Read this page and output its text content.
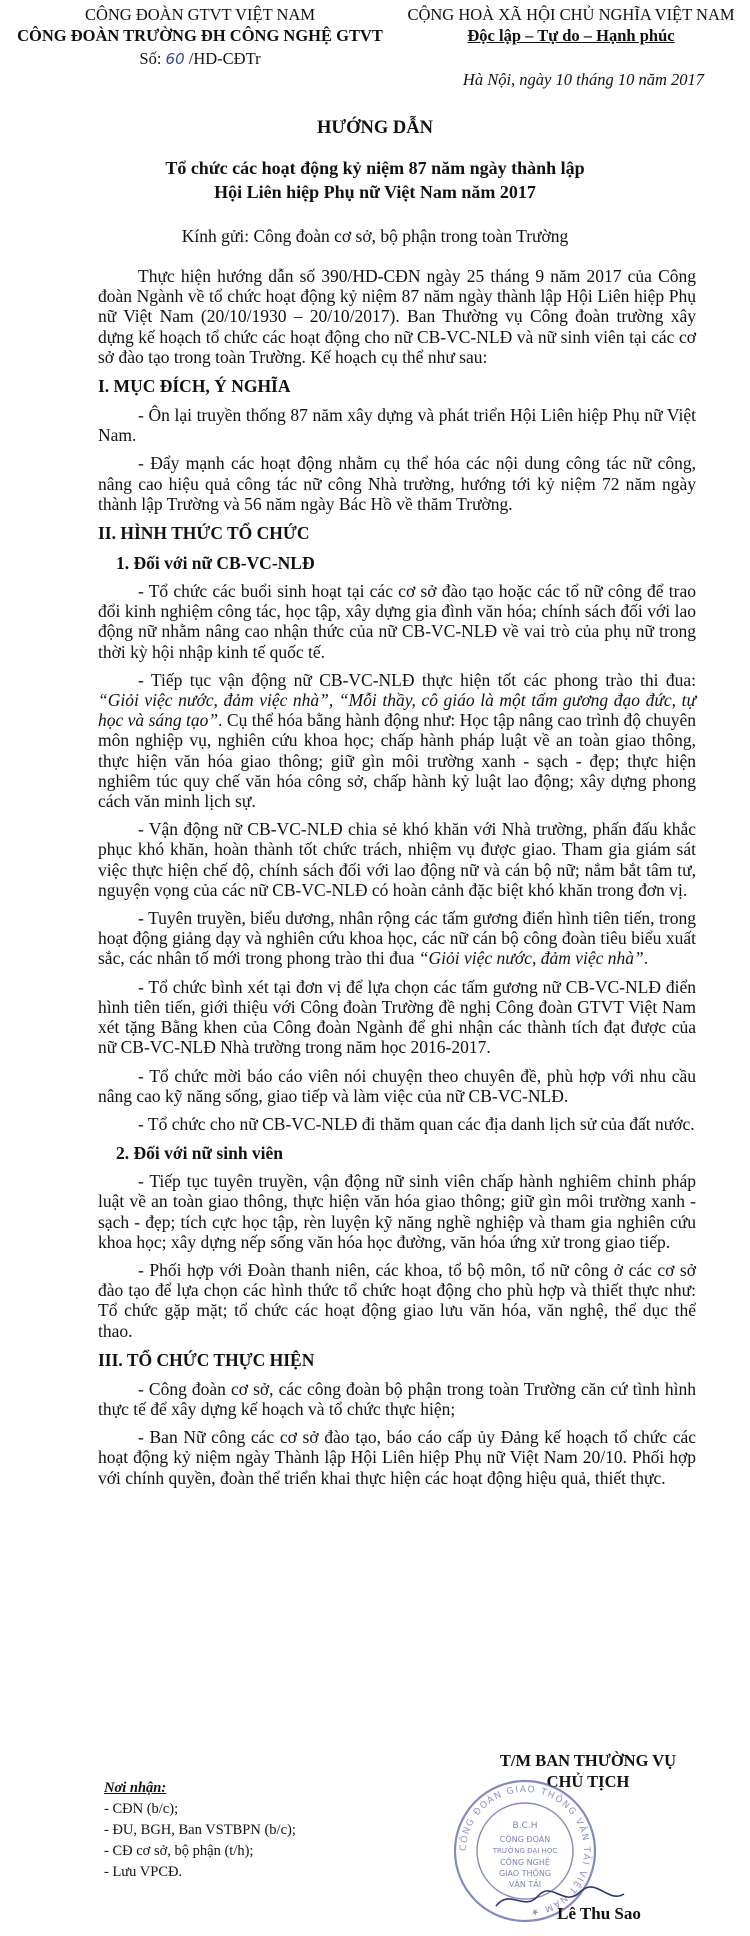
CÔNG ĐOÀN GTVT VIỆT NAM
CÔNG ĐOÀN TRƯỜNG ĐH CÔNG NGHỆ GTVT
Số: 60 /HD-CĐTr
CỘNG HOÀ XÃ HỘI CHỦ NGHĨA VIỆT NAM
Độc lập – Tự do – Hạnh phúc
Hà Nội, ngày 10 tháng 10 năm 2017
HƯỚNG DẪN
Tổ chức các hoạt động kỷ niệm 87 năm ngày thành lập
Hội Liên hiệp Phụ nữ Việt Nam năm 2017
Kính gửi: Công đoàn cơ sở, bộ phận trong toàn Trường

Thực hiện hướng dẫn số 390/HD-CĐN ngày 25 tháng 9 năm 2017 của Công đoàn Ngành về tổ chức hoạt động kỷ niệm 87 năm ngày thành lập Hội Liên hiệp Phụ nữ Việt Nam (20/10/1930 – 20/10/2017). Ban Thường vụ Công đoàn trường xây dựng kế hoạch tổ chức các hoạt động cho nữ CB-VC-NLĐ và nữ sinh viên tại các cơ sở đào tạo trong toàn Trường. Kế hoạch cụ thể như sau:

I. MỤC ĐÍCH, Ý NGHĨA

- Ôn lại truyền thống 87 năm xây dựng và phát triển Hội Liên hiệp Phụ nữ Việt Nam.

- Đẩy mạnh các hoạt động nhằm cụ thể hóa các nội dung công tác nữ công, nâng cao hiệu quả công tác nữ công Nhà trường, hướng tới kỷ niệm 72 năm ngày thành lập Trường và 56 năm ngày Bác Hồ về thăm Trường.

II. HÌNH THỨC TỔ CHỨC
1. Đối với nữ CB-VC-NLĐ

- Tổ chức các buổi sinh hoạt tại các cơ sở đào tạo hoặc các tổ nữ công để trao đổi kinh nghiệm công tác, học tập, xây dựng gia đình văn hóa; chính sách đối với lao động nữ nhằm nâng cao nhận thức của nữ CB-VC-NLĐ về vai trò của phụ nữ trong thời kỳ hội nhập kinh tế quốc tế.

- Tiếp tục vận động nữ CB-VC-NLĐ thực hiện tốt các phong trào thi đua: “Giỏi việc nước, đảm việc nhà”, “Mỗi thầy, cô giáo là một tấm gương đạo đức, tự học và sáng tạo”. Cụ thể hóa bằng hành động như: Học tập nâng cao trình độ chuyên môn nghiệp vụ, nghiên cứu khoa học; chấp hành pháp luật về an toàn giao thông, thực hiện văn hóa giao thông; giữ gìn môi trường xanh - sạch - đẹp; thực hiện nghiêm túc quy chế văn hóa công sở, chấp hành kỷ luật lao động; xây dựng phong cách văn minh lịch sự.

- Vận động nữ CB-VC-NLĐ chia sẻ khó khăn với Nhà trường, phấn đấu khắc phục khó khăn, hoàn thành tốt chức trách, nhiệm vụ được giao. Tham gia giám sát việc thực hiện chế độ, chính sách đối với lao động nữ và cán bộ nữ; nắm bắt tâm tư, nguyện vọng của các nữ CB-VC-NLĐ có hoàn cảnh đặc biệt khó khăn trong đơn vị.

- Tuyên truyền, biểu dương, nhân rộng các tấm gương điển hình tiên tiến, trong hoạt động giảng dạy và nghiên cứu khoa học, các nữ cán bộ công đoàn tiêu biểu xuất sắc, các nhân tố mới trong phong trào thi đua “Giỏi việc nước, đảm việc nhà”.

- Tổ chức bình xét tại đơn vị để lựa chọn các tấm gương nữ CB-VC-NLĐ điển hình tiên tiến, giới thiệu với Công đoàn Trường đề nghị Công đoàn GTVT Việt Nam xét tặng Bằng khen của Công đoàn Ngành để ghi nhận các thành tích đạt được của nữ CB-VC-NLĐ Nhà trường trong năm học 2016-2017.

- Tổ chức mời báo cáo viên nói chuyện theo chuyên đề, phù hợp với nhu cầu nâng cao kỹ năng sống, giao tiếp và làm việc của nữ CB-VC-NLĐ.

- Tổ chức cho nữ CB-VC-NLĐ đi thăm quan các địa danh lịch sử của đất nước.

2. Đối với nữ sinh viên

- Tiếp tục tuyên truyền, vận động nữ sinh viên chấp hành nghiêm chỉnh pháp luật về an toàn giao thông, thực hiện văn hóa giao thông; giữ gìn môi trường xanh - sạch - đẹp; tích cực học tập, rèn luyện kỹ năng nghề nghiệp và tham gia nghiên cứu khoa học; xây dựng nếp sống văn hóa học đường, văn hóa ứng xử trong giao tiếp.

- Phối hợp với Đoàn thanh niên, các khoa, tổ bộ môn, tổ nữ công ở các cơ sở đào tạo để lựa chọn các hình thức tổ chức hoạt động cho phù hợp và thiết thực như: Tổ chức gặp mặt; tổ chức các hoạt động giao lưu văn hóa, văn nghệ, thể dục thể thao.

III. TỔ CHỨC THỰC HIỆN

- Công đoàn cơ sở, các công đoàn bộ phận trong toàn Trường căn cứ tình hình thực tế để xây dựng kế hoạch và tổ chức thực hiện;

- Ban Nữ công các cơ sở đào tạo, báo cáo cấp ủy Đảng kế hoạch tổ chức các hoạt động kỷ niệm ngày Thành lập Hội Liên hiệp Phụ nữ Việt Nam 20/10. Phối hợp với chính quyền, đoàn thể triển khai thực hiện các hoạt động hiệu quả, thiết thực.

Nơi nhận:
- CĐN (b/c);
- ĐU, BGH, Ban VSTBPN (b/c);
- CĐ cơ sở, bộ phận (t/h);
- Lưu VPCĐ.
T/M BAN THƯỜNG VỤ
CHỦ TỊCH
CÔNG ĐOÀN GIAO THÔNG VẬN TẢI VIỆT NAM ★
B.C.H
CÔNG ĐOÀN
TRƯỜNG ĐẠI HỌC
CÔNG NGHỆ
GIAO THÔNG
VẬN TẢI
Lê Thu Sao
